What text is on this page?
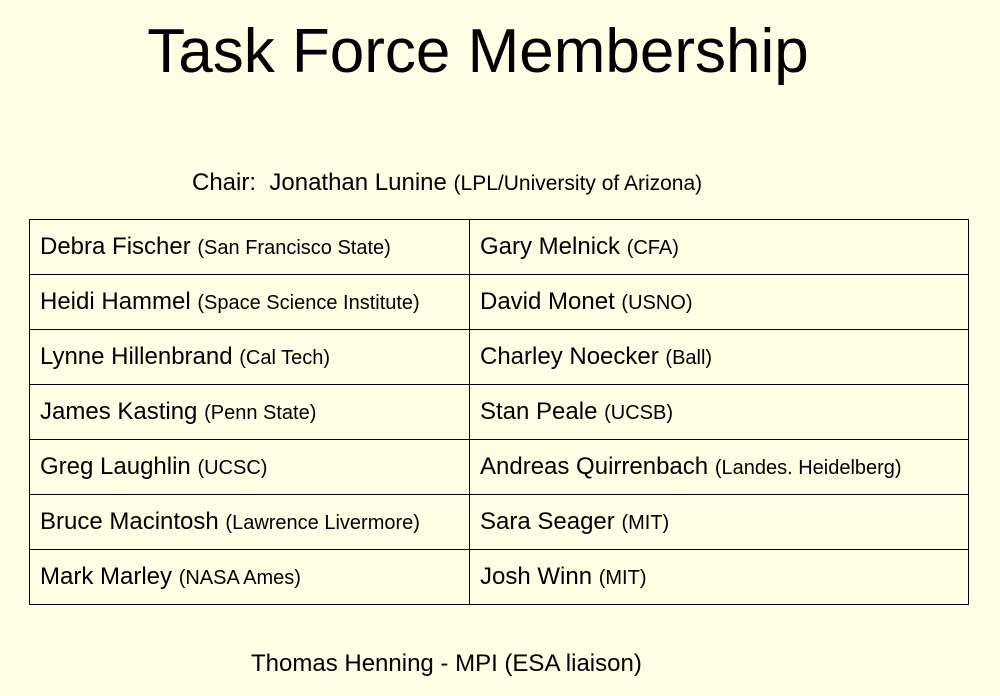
Task Force Membership
Chair: Jonathan Lunine (LPL/University of Arizona)
Debra Fischer (San Francisco State)	Gary Melnick (CFA)
Heidi Hammel (Space Science Institute)	David Monet (USNO)
Lynne Hillenbrand (Cal Tech)	Charley Noecker (Ball)
James Kasting (Penn State)	Stan Peale (UCSB)
Greg Laughlin (UCSC)	Andreas Quirrenbach (Landes. Heidelberg)
Bruce Macintosh (Lawrence Livermore)	Sara Seager (MIT)
Mark Marley (NASA Ames)	Josh Winn (MIT)
Thomas Henning - MPI (ESA liaison)
